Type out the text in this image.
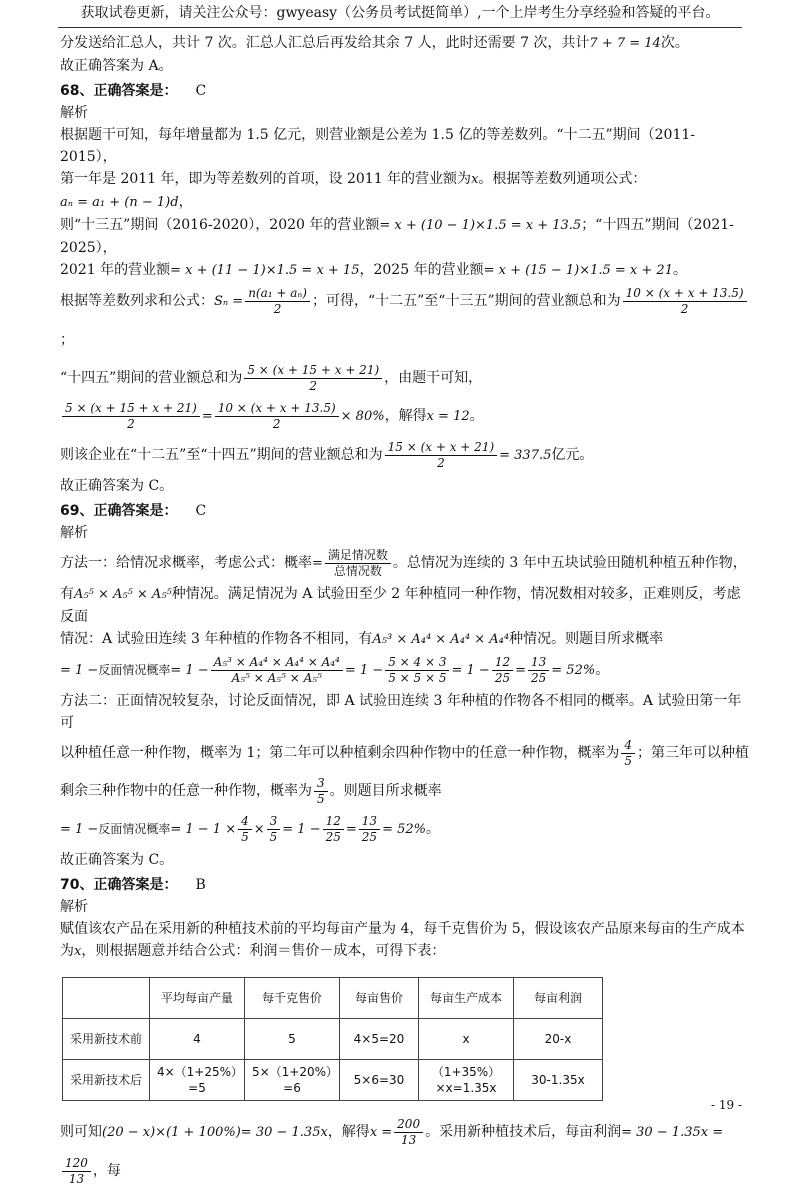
获取试卷更新，请关注公众号：gwyeasy（公务员考试挺简单）,一个上岸考生分享经验和答疑的平台。

分发送给汇总人，共计 7 次。汇总人汇总后再发给其余 7 人，此时还需要 7 次，共计7 + 7 = 14次。

故正确答案为 A。

68、正确答案是： C

解析

根据题干可知，每年增量都为 1.5 亿元，则营业额是公差为 1.5 亿的等差数列。“十二五”期间（2011-2015），

第一年是 2011 年，即为等差数列的首项，设 2011 年的营业额为x。根据等差数列通项公式：aₙ = a₁ + (n − 1)d，

则“十三五”期间（2016-2020），2020 年的营业额= x + (10 − 1)×1.5 = x + 13.5；“十四五”期间（2021-2025），

2021 年的营业额= x + (11 − 1)×1.5 = x + 15，2025 年的营业额= x + (15 − 1)×1.5 = x + 21。

根据等差数列求和公式：$S_n = \frac{\text{n(a₁ + aₙ)}}{2}$ ；可得，“十二五”至“十三五”期间的营业额总和为 $\frac{10 \times (x + x + 13.5)}{2}$
；

“十四五”期间的营业额总和为 $\frac{5 \times (x + 15 + x + 21)}{2}$ ，由题干可知，

$\frac{5 \times (x + 15 + x + 21)}{2} = \frac{10 \times (x + x + 13.5)}{2} \times 80\%$，解得x = 12。

则该企业在“十二五”至“十四五”期间的营业额总和为 $\frac{15 \times (x + x + 21)}{2} = 337.5$亿元。

故正确答案为 C。

69、正确答案是： C

解析

方法一：给情况求概率，考虑公式：概率= $\frac{\text{满足情况数}}{\text{总情况数}}$ 。总情况为连续的 3 年中五块试验田随机种植五种作物，

有A₅⁵ × A₅⁵ × A₅⁵种情况。满足情况为 A 试验田至少 2 年种植同一种作物，情况数相对较多，正难则反，考虑反面

情况：A 试验田连续 3 年种植的作物各不相同，有A₅³ × A₄⁴ × A₄⁴ × A₄⁴种情况。则题目所求概率

= 1 −反面情况概率= $1 - \frac{\text{A₅³ × A₄⁴ × A₄⁴ × A₄⁴}}{\text{A₅⁵ × A₅⁵ × A₅⁵}} = 1 - \frac{5 \times 4 \times 3}{5 \times 5 \times 5} = 1 - \frac{12}{25} = \frac{13}{25} = 52\%$。

方法二：正面情况较复杂，讨论反面情况，即 A 试验田连续 3 年种植的作物各不相同的概率。A 试验田第一年可

以种植任意一种作物，概率为 1；第二年可以种植剩余四种作物中的任意一种作物，概率为 $\frac{4}{5}$ ；第三年可以种植

剩余三种作物中的任意一种作物，概率为 $\frac{3}{5}$ 。则题目所求概率

= 1 −反面情况概率= $1 - 1 \times \frac{4}{5} \times \frac{3}{5} = 1 - \frac{12}{25} = \frac{13}{25} = 52\%$。

故正确答案为 C。

70、正确答案是： B

解析

赋值该农产品在采用新的种植技术前的平均每亩产量为 4，每千克售价为 5，假设该农产品原来每亩的生产成本

为x，则根据题意并结合公式：利润＝售价－成本，可得下表：

	平均每亩产量	每千克售价	每亩售价	每亩生产成本	每亩利润
采用新技术前	4	5	4×5=20	x	20-x
采用新技术后	4×（1+25%）=5	5×（1+20%）=6	5×6=30	（1+35%）×x=1.35x	30-1.35x

则可知(20 − x)×(1 + 100%)= 30 − 1.35x，解得$x = \frac{200}{13}$ 。采用新种植技术后，每亩利润= 30 − 1.35x =
$\frac{120}{13}$ ，每

- 19 -
